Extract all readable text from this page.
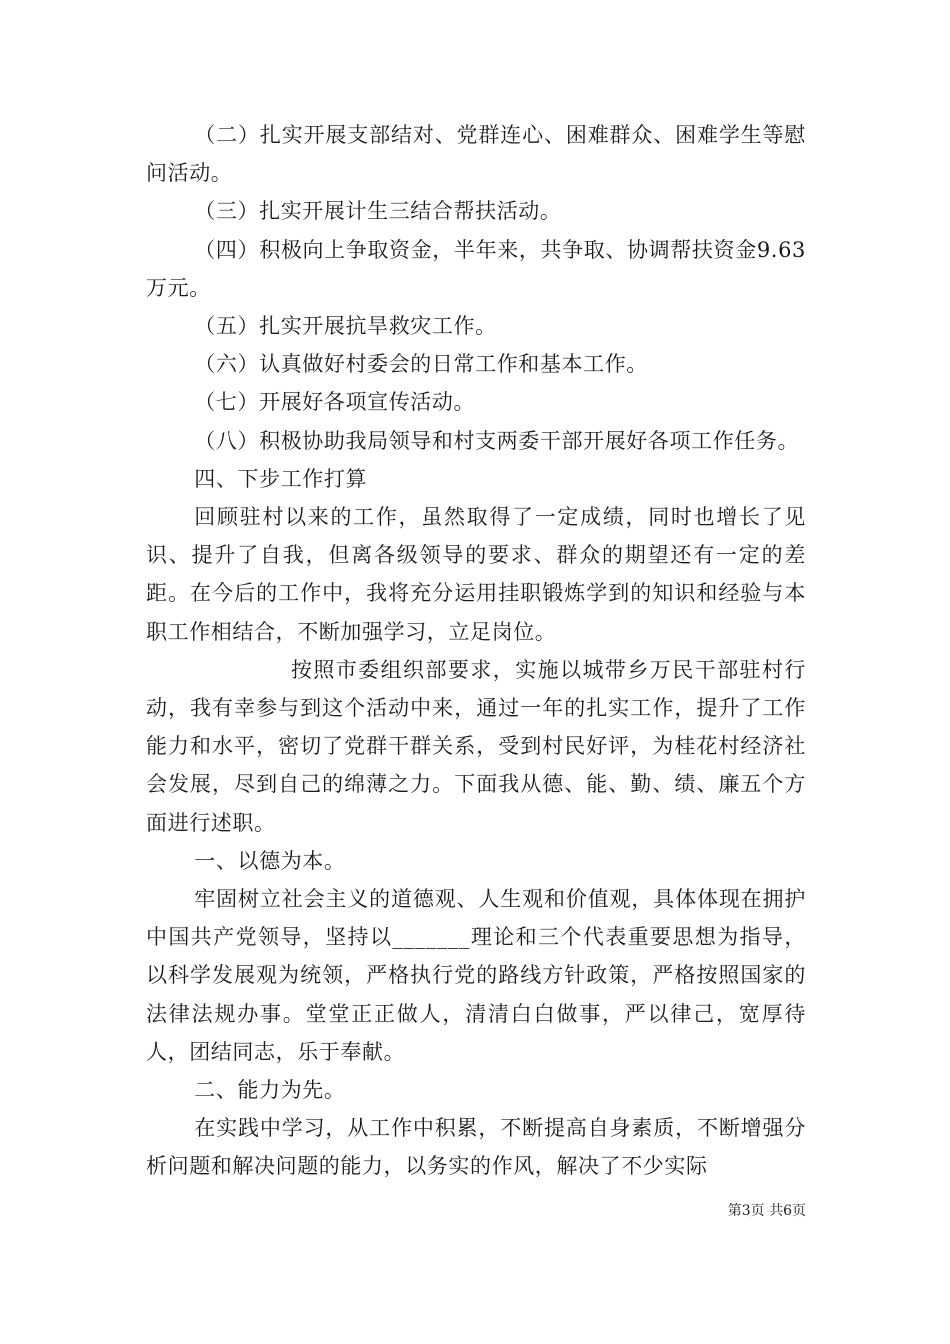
（二）扎实开展支部结对、党群连心、困难群众、困难学生等慰问活动。

（三）扎实开展计生三结合帮扶活动。

（四）积极向上争取资金，半年来，共争取、协调帮扶资金9.63万元。

（五）扎实开展抗旱救灾工作。

（六）认真做好村委会的日常工作和基本工作。

（七）开展好各项宣传活动。

（八）积极协助我局领导和村支两委干部开展好各项工作任务。

四、下步工作打算

回顾驻村以来的工作，虽然取得了一定成绩，同时也增长了见识、提升了自我，但离各级领导的要求、群众的期望还有一定的差距。在今后的工作中，我将充分运用挂职锻炼学到的知识和经验与本职工作相结合，不断加强学习，立足岗位。

按照市委组织部要求，实施以城带乡万民干部驻村行动，我有幸参与到这个活动中来，通过一年的扎实工作，提升了工作能力和水平，密切了党群干群关系，受到村民好评，为桂花村经济社会发展，尽到自己的绵薄之力。下面我从德、能、勤、绩、廉五个方面进行述职。

一、以德为本。

牢固树立社会主义的道德观、人生观和价值观，具体体现在拥护中国共产党领导，坚持以_______理论和三个代表重要思想为指导，以科学发展观为统领，严格执行党的路线方针政策，严格按照国家的法律法规办事。堂堂正正做人，清清白白做事，严以律己，宽厚待人，团结同志，乐于奉献。

二、能力为先。

在实践中学习，从工作中积累，不断提高自身素质，不断增强分析问题和解决问题的能力，以务实的作风，解决了不少实际

第3页 共6页
